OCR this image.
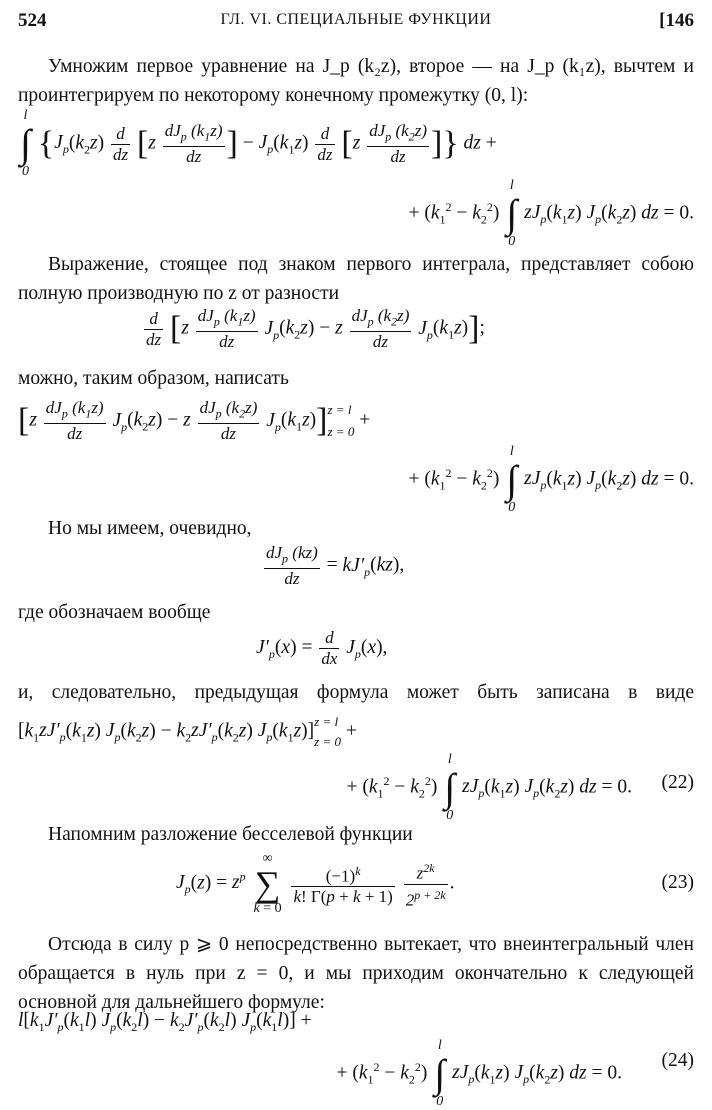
524	ГЛ. VI. СПЕЦИАЛЬНЫЕ ФУНКЦИИ	[146
Умножим первое уравнение на J_p (k₂z), второе — на J_p (k₁z), вычтем и проинтегрируем по некоторому конечному промежутку (0, l):
l
∫
0
{$J_p(k_2z) \frac{d}{dz} [z \frac{dJ_p (k_1z)}{dz}$ ] − $J_p(k_1z) \frac{d}{dz} [z \frac{dJ_p (k_2z)}{dz}$ ]} dz +
+ $(k_1^2 - k_2^2)$
l
∫
0
$zJ_p(k_1z)$ $J_p(k_2z)$ dz = 0.
Выражение, стоящее под знаком первого интеграла, представляет собою полную производную по z от разности
$\frac{d}{dz} [z \frac{dJ_p (k_1z)}{dz} J_p(k_2z) - z \frac{dJ_p (k_2z)}{dz} J_p(k_1z)]$;
можно, таким образом, написать
$[z \frac{dJ_p (k_1z)}{dz} J_p(k_2z) - z \frac{dJ_p (k_2z)}{dz} J_p(k_1z)]$ z = l
z = 0
+
+ $(k_1^2 - k_2^2)$
l
∫
0
$zJ_p(k_1z)$ $J_p(k_2z)$ dz = 0.
Но мы имеем, очевидно,
$\frac{dJ_p (kz)}{dz} = kJ'_p(kz)$,
где обозначаем вообще
$J'_p(x) = \frac{d}{dx} J_p(x)$,
и, следовательно, предыдущая формула может быть записана в виде
[$k_1zJ'_p(k_1z) J_p(k_2z) - k_2zJ'_p(k_2z)$ $J_p(k_1z)$] z = l
z = 0
+
+ $(k_1^2 - k_2^2)$
l
∫
0
$zJ_p(k_1z)$ $J_p(k_2z)$ dz = 0. (22)
Напомним разложение бесселевой функции
$J_p(z) = z^p$
∞
∑
k = 0

$\frac{(-1)^k}{k! \Gamma(p + k + 1)}$
$\frac{z^{2k}}{2^{p + 2k}}$ .	(23)
Отсюда в силу p ⩾ 0 непосредственно вытекает, что внеинтегральный член обращается в нуль при z = 0, и мы приходим окончательно к следующей основной для дальнейшего формуле:
$l[k_1J'_p(k_1l) J_p(k_2l) - k_2J'_p(k_2l) J_p(k_1l)]$ +
+ $(k_1^2 - k_2^2)$
l
∫
0
$zJ_p(k_1z)$ $J_p(k_2z)$ dz = 0.
(24)
